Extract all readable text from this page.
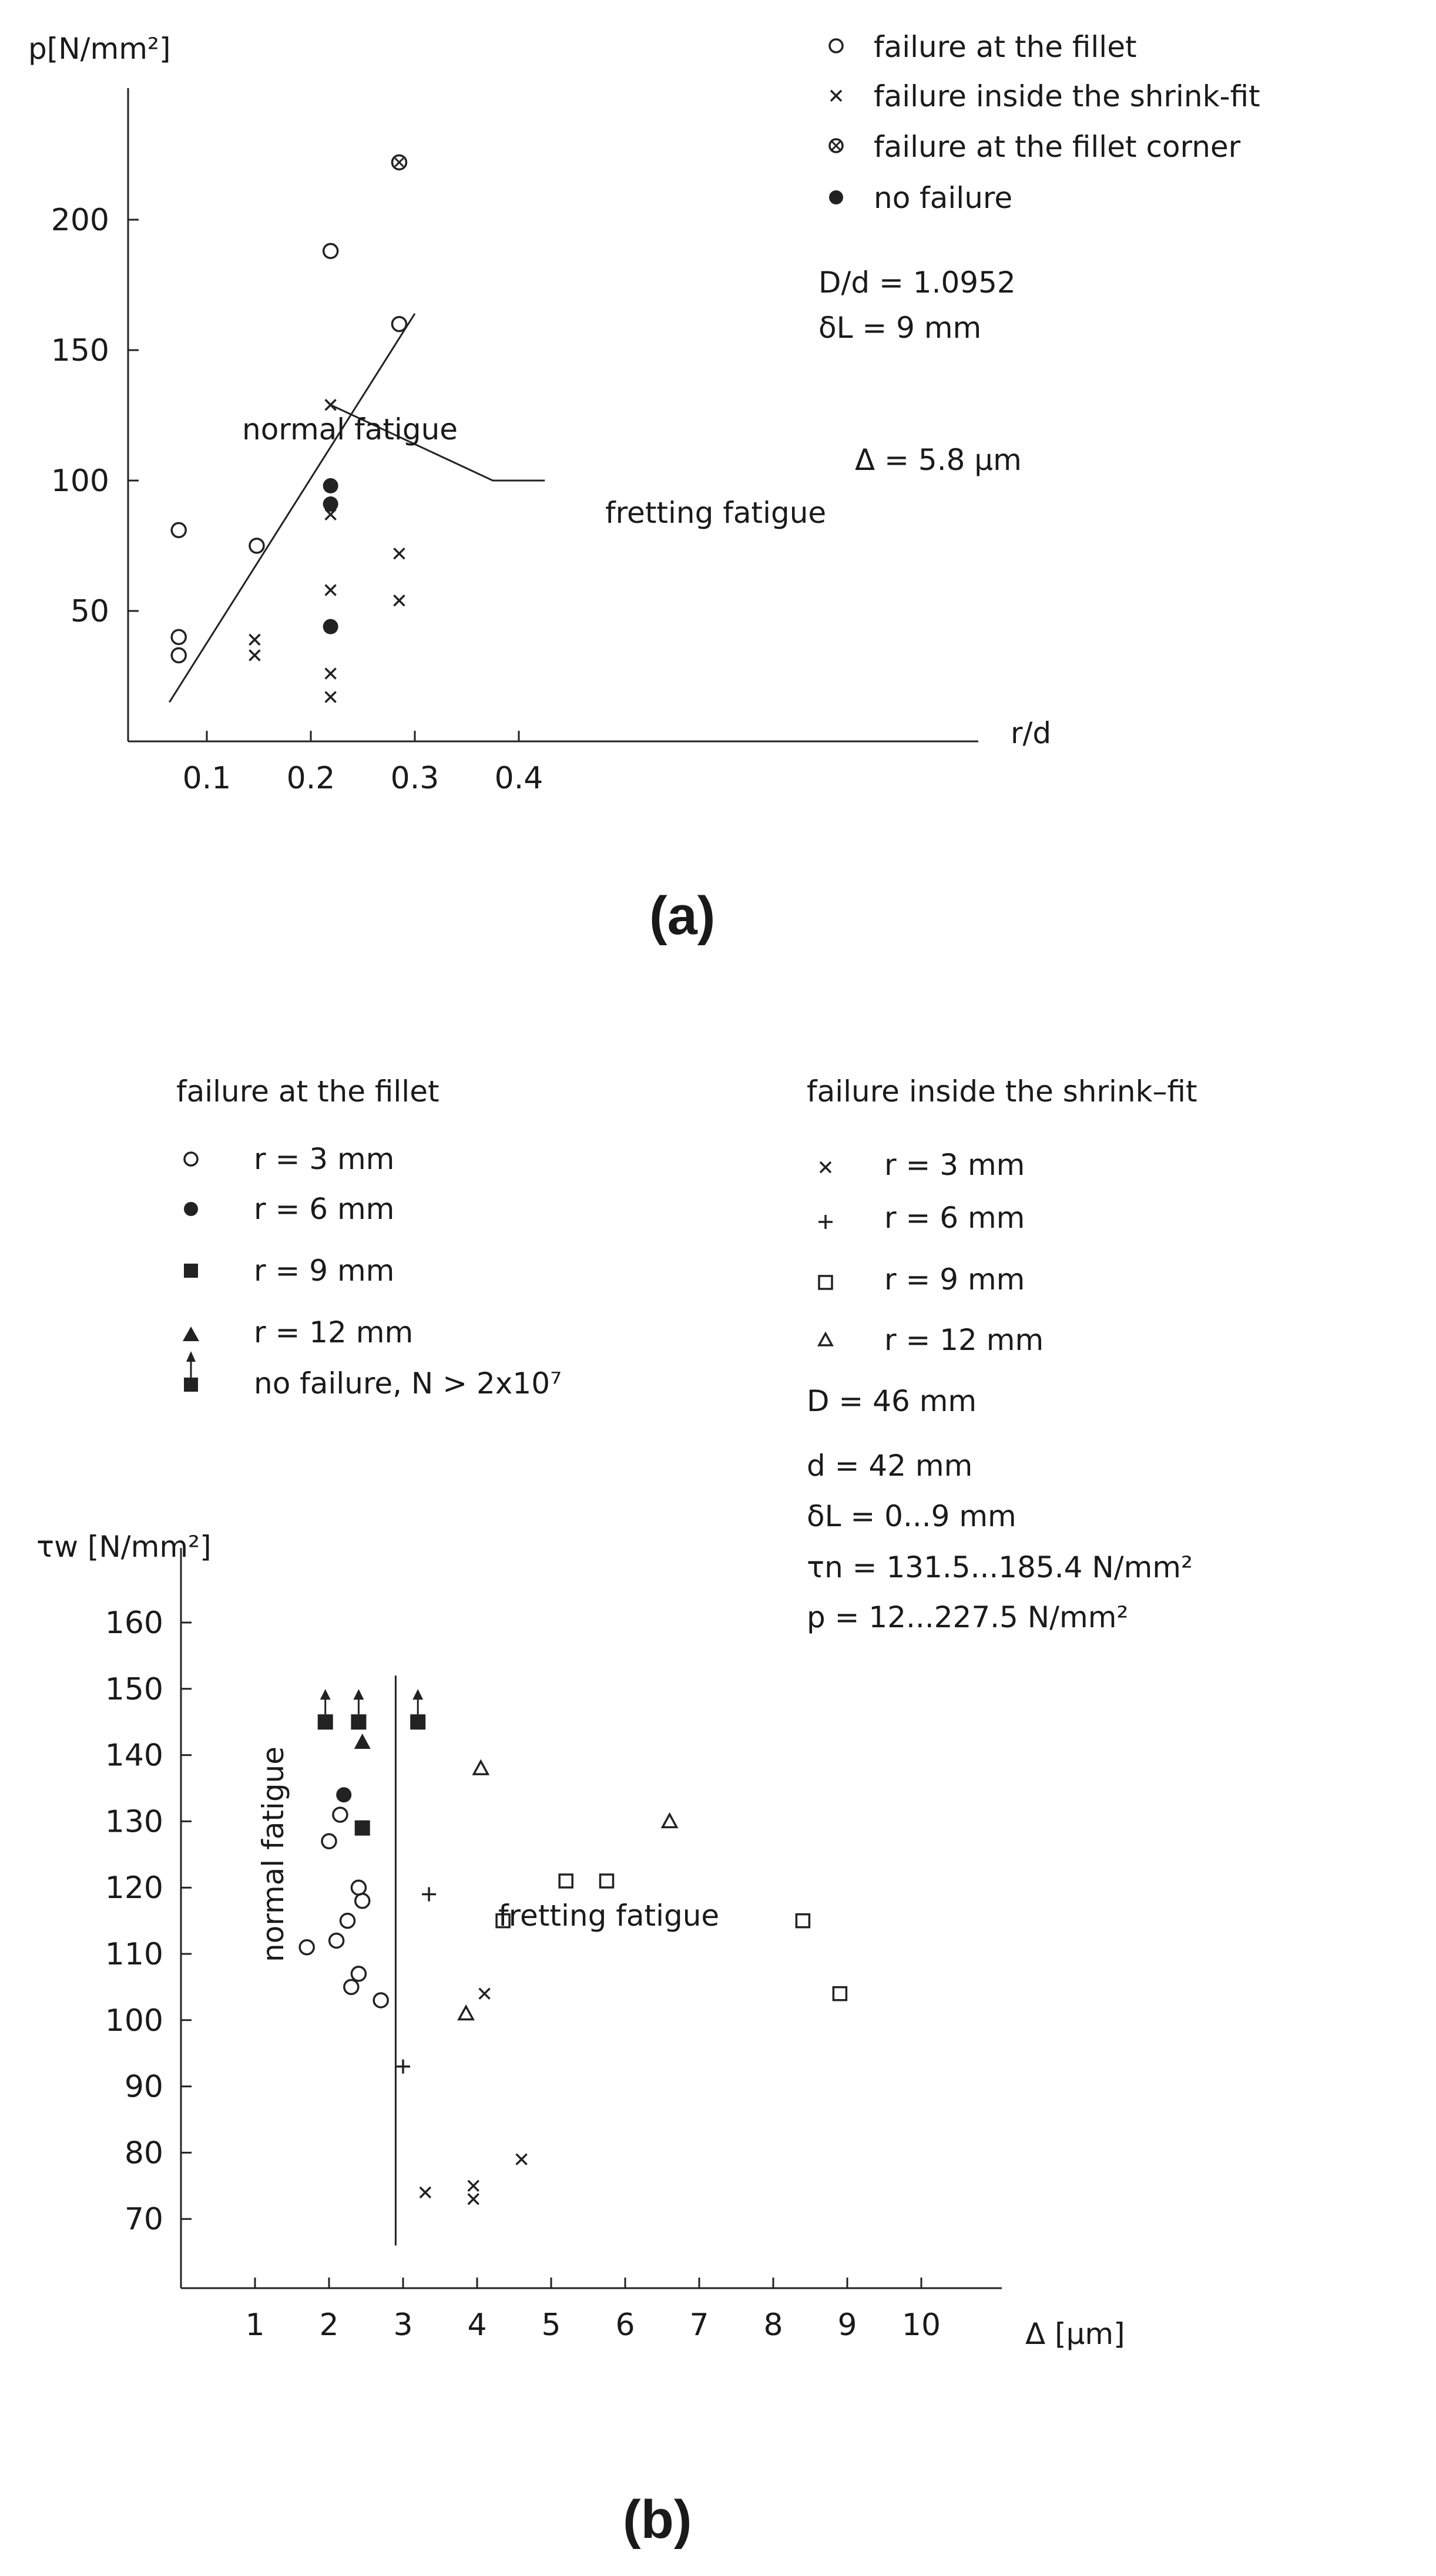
p[N/mm²]
r/d
0.1 0.2 0.3 0.4
50
100
150
200
failure at the fillet
failure inside the shrink-fit
failure at the fillet corner
no failure
D/d = 1.0952
δL = 9 mm
normal fatigue
fretting fatigue
Δ = 5.8 μm
(a)
failure at the fillet
r = 3 mm
r = 6 mm
r = 9 mm
r = 12 mm
no failure, N > 2x10⁷
failure inside the shrink–fit
r = 3 mm
r = 6 mm
r = 9 mm
r = 12 mm
D = 46 mm
d = 42 mm
δL = 0...9 mm
τn = 131.5...185.4 N/mm²
p = 12...227.5 N/mm²
τw [N/mm²]
Δ [μm]
1 2 3 4 5 6 7 8 9 10
70
80
90
100
110
120
130
140
150
160
normal fatigue	fretting fatigue
(b)
